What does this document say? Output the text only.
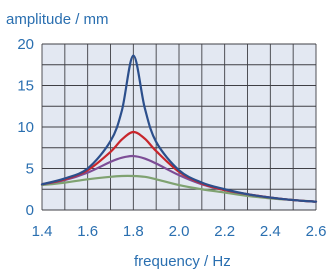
1.4 1.6 1.8 2.0 2.2 2.4 2.6
0
5
10
15
20
amplitude / mm
frequency / Hz
